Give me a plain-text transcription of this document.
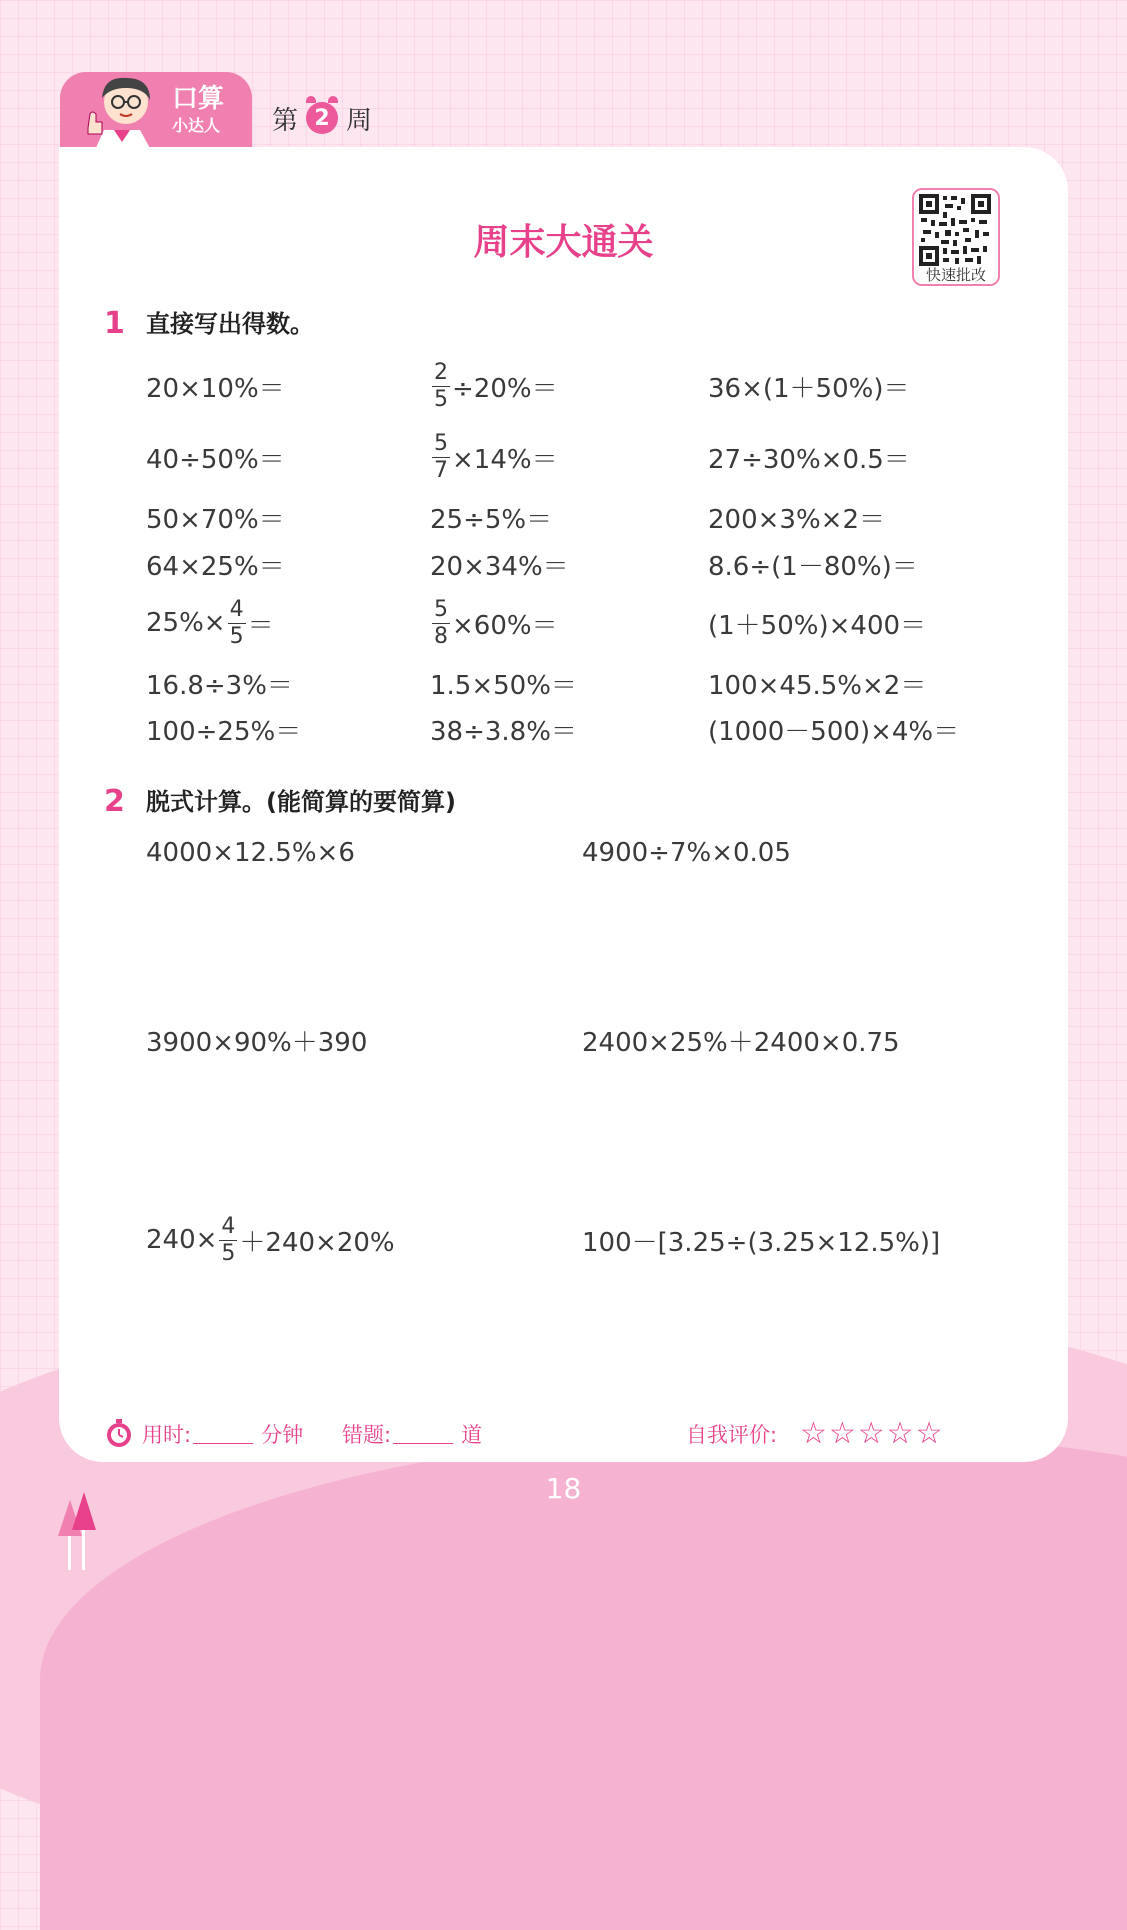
口算
小达人 第 2 周
周末大通关
快速批改
1 直接写出得数。
20×10%＝	$\frac{2}{5} \div 20\%=$	36×(1＋50%)＝
40÷50%＝	$\frac{5}{7} \times 14\%=$	27÷30%×0.5＝
50×70%＝	25÷5%＝	200×3%×2＝
64×25%＝	20×34%＝	8.6÷(1－80%)＝
$25\%\times \frac{4}{5}$ ＝	$\frac{5}{8} \times 60\%=$	(1＋50%)×400＝
16.8÷3%＝	1.5×50%＝	100×45.5%×2＝
100÷25%＝	38÷3.8%＝	(1000－500)×4%＝
2 脱式计算。(能简算的要简算)
4000×12.5%×6	4900÷7%×0.05
3900×90%＋390	2400×25%＋2400×0.75
$240\times \frac{4}{5} +240\times 20\%$	100－[3.25÷(3.25×12.5%)]
用时:	分钟 错题:	道	自我评价: ☆☆☆☆☆
18
